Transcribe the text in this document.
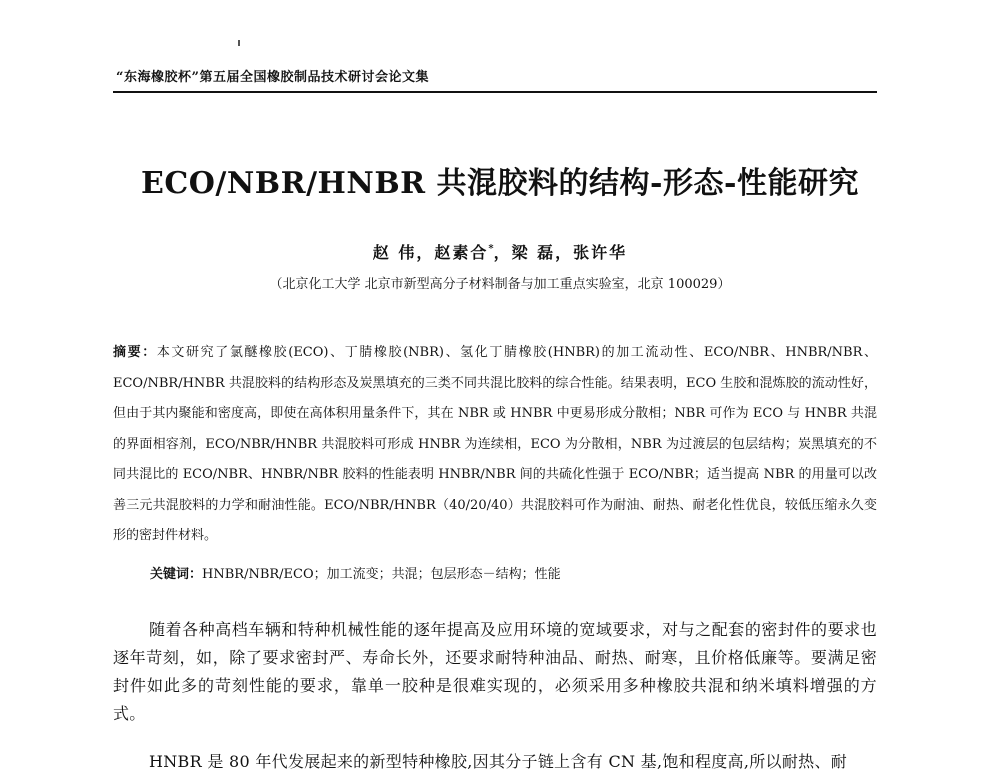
“东海橡胶杯”第五届全国橡胶制品技术研讨会论文集
ECO/NBR/HNBR 共混胶料的结构-形态-性能研究
赵 伟，赵素合*，梁 磊，张许华
（北京化工大学 北京市新型高分子材料制备与加工重点实验室，北京 100029）
摘要：本文研究了氯醚橡胶(ECO)、丁腈橡胶(NBR)、氢化丁腈橡胶(HNBR)的加工流动性、ECO/NBR、HNBR/NBR、ECO/NBR/HNBR 共混胶料的结构形态及炭黑填充的三类不同共混比胶料的综合性能。结果表明，ECO 生胶和混炼胶的流动性好，但由于其内聚能和密度高，即使在高体积用量条件下，其在 NBR 或 HNBR 中更易形成分散相；NBR 可作为 ECO 与 HNBR 共混的界面相容剂，ECO/NBR/HNBR 共混胶料可形成 HNBR 为连续相，ECO 为分散相，NBR 为过渡层的包层结构；炭黑填充的不同共混比的 ECO/NBR、HNBR/NBR 胶料的性能表明 HNBR/NBR 间的共硫化性强于 ECO/NBR；适当提高 NBR 的用量可以改善三元共混胶料的力学和耐油性能。ECO/NBR/HNBR（40/20/40）共混胶料可作为耐油、耐热、耐老化性优良，较低压缩永久变形的密封件材料。
关键词：HNBR/NBR/ECO；加工流变；共混；包层形态－结构；性能
随着各种高档车辆和特种机械性能的逐年提高及应用环境的宽域要求，对与之配套的密封件的要求也逐年苛刻，如，除了要求密封严、寿命长外，还要求耐特种油品、耐热、耐寒，且价格低廉等。要满足密封件如此多的苛刻性能的要求，靠单一胶种是很难实现的，必须采用多种橡胶共混和纳米填料增强的方式。
HNBR 是 80 年代发展起来的新型特种橡胶,因其分子链上含有 CN 基,饱和程度高,所以耐热、耐
